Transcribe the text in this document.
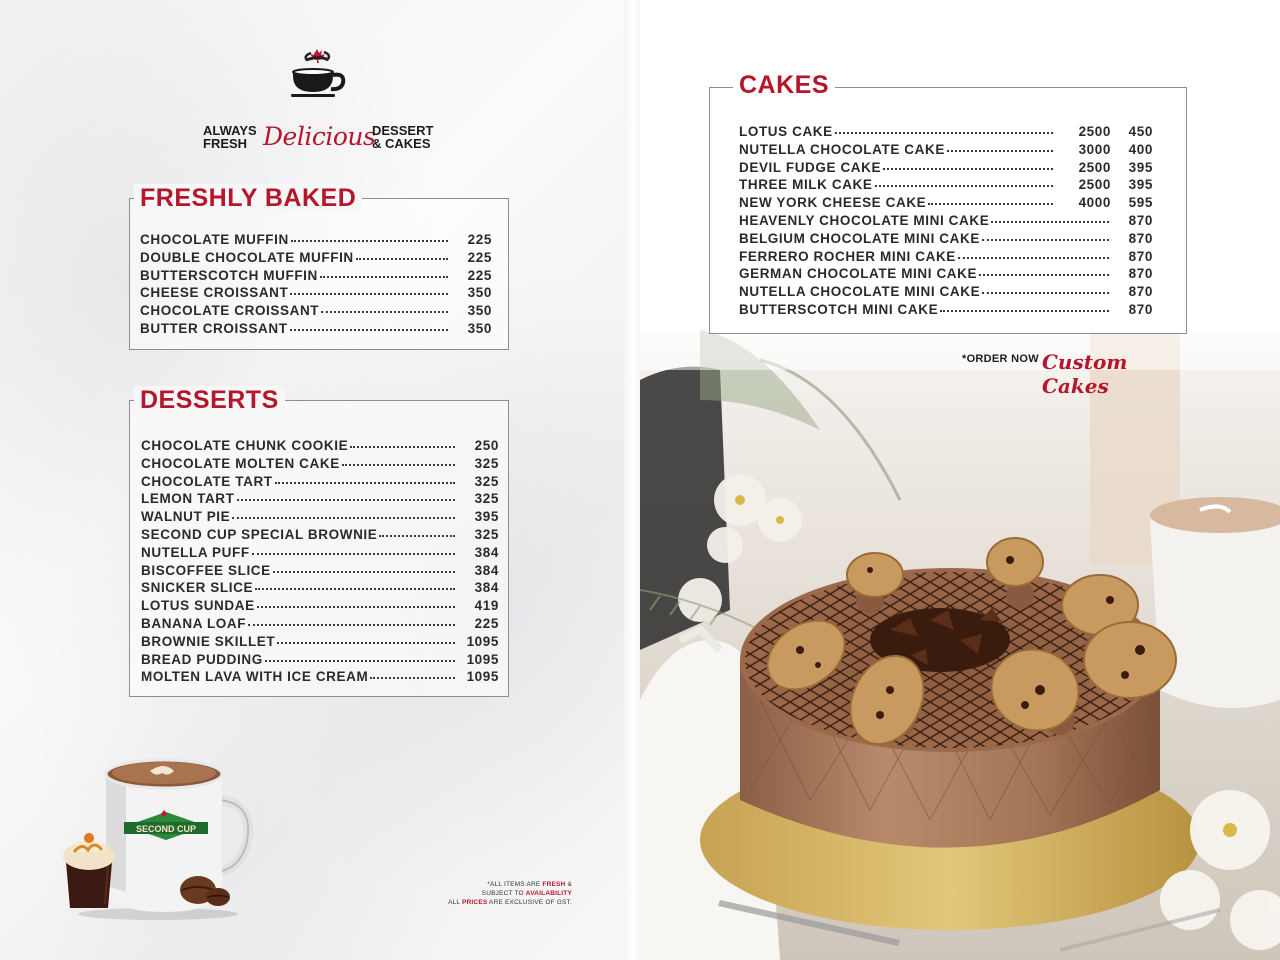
ALWAYS
FRESH Delicious
DESSERT
& CAKES
FRESHLY BAKED
CHOCOLATE MUFFIN	225
DOUBLE CHOCOLATE MUFFIN	225
BUTTERSCOTCH MUFFIN	225
CHEESE CROISSANT	350
CHOCOLATE CROISSANT	350
BUTTER CROISSANT	350
DESSERTS
CHOCOLATE CHUNK COOKIE	250
CHOCOLATE MOLTEN CAKE	325
CHOCOLATE TART	325
LEMON TART	325
WALNUT PIE	395
SECOND CUP SPECIAL BROWNIE	325
NUTELLA PUFF	384
BISCOFFEE SLICE	384
SNICKER SLICE	384
LOTUS SUNDAE	419
BANANA LOAF	225
BROWNIE SKILLET	1095
BREAD PUDDING	1095
MOLTEN LAVA WITH ICE CREAM	1095
SECOND CUP
*ALL ITEMS ARE FRESH &
SUBJECT TO AVAILABILITY
ALL PRICES ARE EXCLUSIVE OF GST.
CAKES
LOTUS CAKE	2500	450
NUTELLA CHOCOLATE CAKE	3000	400
DEVIL FUDGE CAKE	2500	395
THREE MILK CAKE	2500	395
NEW YORK CHEESE CAKE	4000	595
HEAVENLY CHOCOLATE MINI CAKE	870
BELGIUM CHOCOLATE MINI CAKE	870
FERRERO ROCHER MINI CAKE	870
GERMAN CHOCOLATE MINI CAKE	870
NUTELLA CHOCOLATE MINI CAKE	870
BUTTERSCOTCH MINI CAKE	870
*ORDER NOW Custom Cakes
